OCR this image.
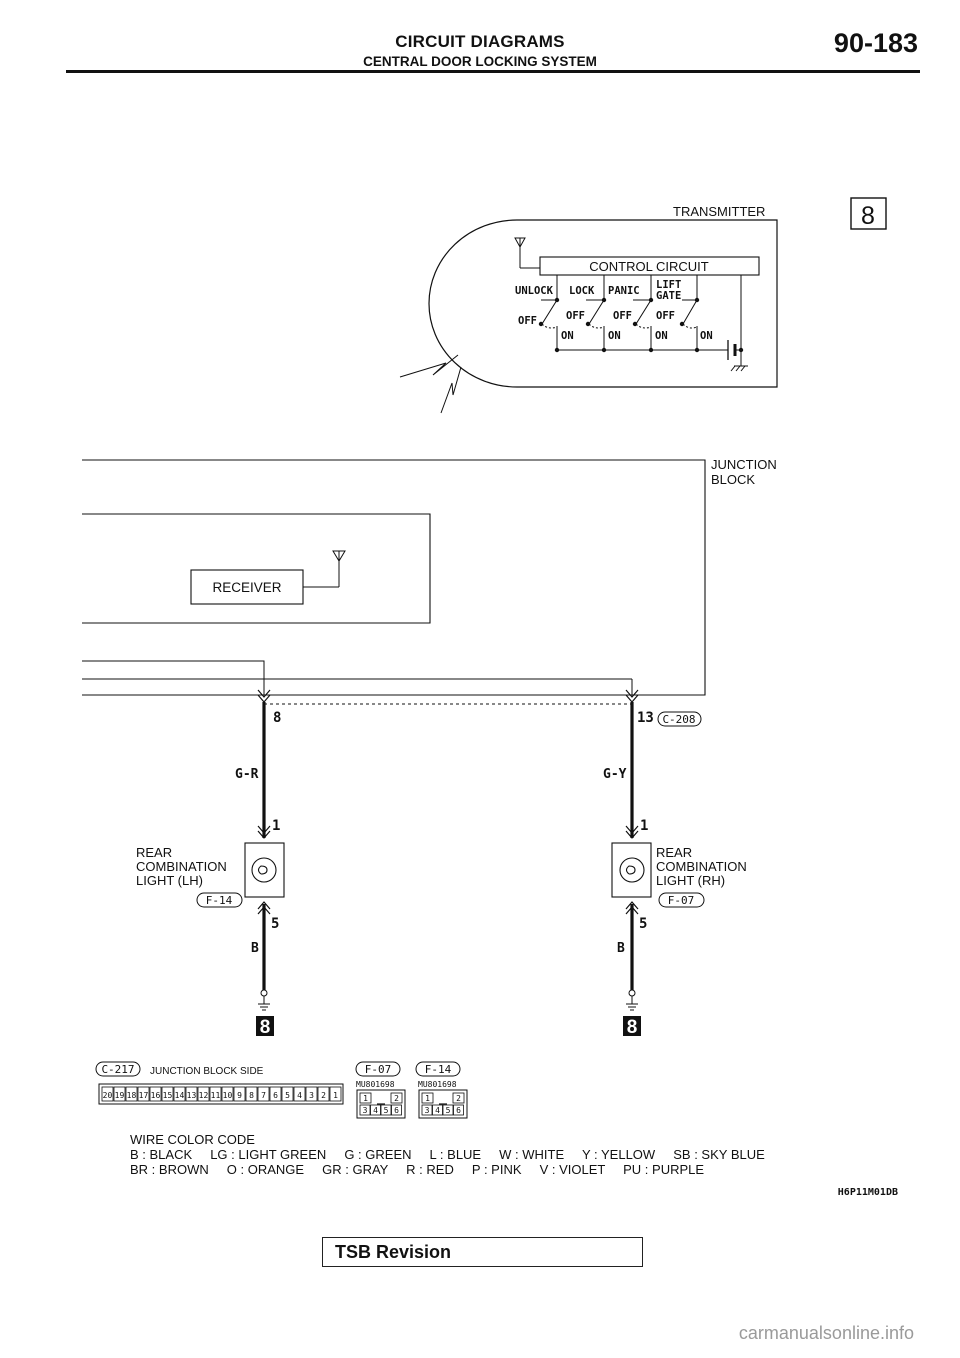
CIRCUIT DIAGRAMS
CENTRAL DOOR LOCKING SYSTEM
90-183
8
TRANSMITTER
CONTROL CIRCUIT
UNLOCK LOCK PANIC LIFT
GATE
OFF	OFF	OFF OFF
ON	ON	ON	ON
JUNCTION
BLOCK
RECEIVER
8
G-R
1
REAR
COMBINATION
LIGHT (LH)
F-14
5
B
8
13 C-208
G-Y
1
REAR
COMBINATION
LIGHT (RH)
F-07
5
B
8
C-217 JUNCTION BLOCK SIDE
20 19 18 17 16 15 14 13 12 11 10 9 8 7 6 5 4 3 2 1
F-07
MU801698
1	2
3 4 5 6
F-14
MU801698
1	2
3 4 5 6
WIRE COLOR CODE
B : BLACK     LG : LIGHT GREEN     G : GREEN     L : BLUE     W : WHITE     Y : YELLOW     SB : SKY BLUE
BR : BROWN     O : ORANGE     GR : GRAY     R : RED     P : PINK     V : VIOLET     PU : PURPLE
H6P11M01DB
TSB Revision
carmanualsonline.info
